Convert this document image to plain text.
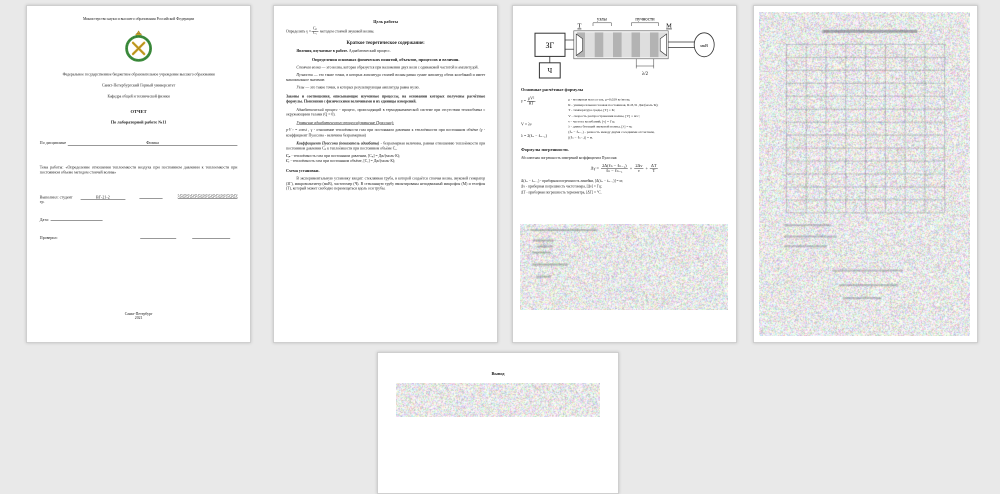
Министерство науки и высшего образования Российской Федерации
Федеральное государственное бюджетное образовательное учреждение высшего образования
Санкт-Петербургский Горный университет
Кафедра общей и технической физики
ОТЧЕТ
По лабораторной работе №11
По дисциплине	Физика
Тема работы: «Определение отношения теплоемкости воздуха при постоянном давлении к теплоемкости при постоянном объеме методом стоячей волны»
Выполнил: студент гр.
ВГ-21-2
Дата:
Проверил:
Санкт-Петербург
2021
Цель работы

Определить $\gamma = \frac{\text{Cₚ}}{\text{Cᵥ}}$ методом стоячей звуковой волны.

Краткое теоретическое содержание:

Явления, изучаемые в работе. Адиабатический процесс.

Определения основных физических понятий, объектов, процессов и величин.

Стоячая волна — это волна, которая образуется при наложении двух волн с одинаковой частотой и амплитудой.

Пучности — это такие точки, в которых амплитуда стоячей волны равна сумме амплитуд обеих колебаний и имеет максимальное значение.

Узлы — это такие точки, в которых результирующая амплитуда равна нулю.

Законы и соотношения, описывающие изученные процессы, на основании которых получены расчётные формулы. Пояснения с физическими величинами и их единицы измерений.

Адиабатический процесс - процесс, происходящий в термодинамической системе при отсутствии теплообмена с окружающими телами (Q = 0).

Уравнение адиабатического процесса(уравнение Пуассона):

p·V ᵞ = const , γ - отношение теплоёмкости газа при постоянном давлении к теплоёмкости при постоянном объёме (γ - коэффициент Пуассона - величина безразмерная)

Коэффициент Пуассона (показатель адиабаты) - безразмерная величина, равная отношению теплоёмкости при постоянном давлении Cₚ к теплоёмкости при постоянном объёме Cᵥ.

Cₚ - теплоёмкость газа при постоянном давлении, [Cₚ] = Дж/(моль·К);

Cᵥ - теплоёмкость газа при постоянном объёме, [Cᵥ] = Дж/(моль·К);

Схема установки.

В экспериментальную установку входят: стеклянная труба, в которой создаётся стоячая волна, звуковой генератор (ЗГ), микровольтметр (мкВ), частотомер (Ч). В стеклянную трубу вмонтированы неподвижный микрофон (М) и телефон (Т), который может свободно перемещаться вдоль оси трубы.

ЗГ
Ч
Т	М
узлы пучности
мкВ
λ/2
Основные расчётные формулы
$\gamma = \frac{\text{μV²}}{RT}$
V = λν
λ = 2(ℓₙ − ℓₙ₋₁)
μ - молярная масса газа, μ=0,029 кг/моль;
R - универсальная газовая постоянная, R=8,31 Дж/(моль·К);
T - температура среды, [T] = К;
V - скорость распространения волны, [V] = м/с;
ν - частота колебаний, [ν] = Гц;
λ - длина бегущей звуковой волны, [λ] = м;
(ℓₙ − ℓₙ₋₁) - разность между двумя соседними отсчетами,
[(ℓₙ − ℓₙ₋₁)] = м.
Формулы погрешности.
Абсолютная погрешность измерений коэффициента Пуассона:
$\Delta\gamma = \frac{\text{2Δ(ℓₙ − ℓₙ₋₁)}}{\text{ℓₙ − ℓₙ₋₁}} + \frac{2\Delta\nu}{\nu} + \frac{\Delta T}{T}$
Δ(ℓₙ − ℓₙ₋₁) - приборная погрешность линейки, [Δ(ℓₙ − ℓₙ₋₁)] = м;
Δν - приборная погрешность частотомера, [Δν] = Гц;
ΔT - приборная погрешность термометра, [ΔT] = °С.
Вывод
